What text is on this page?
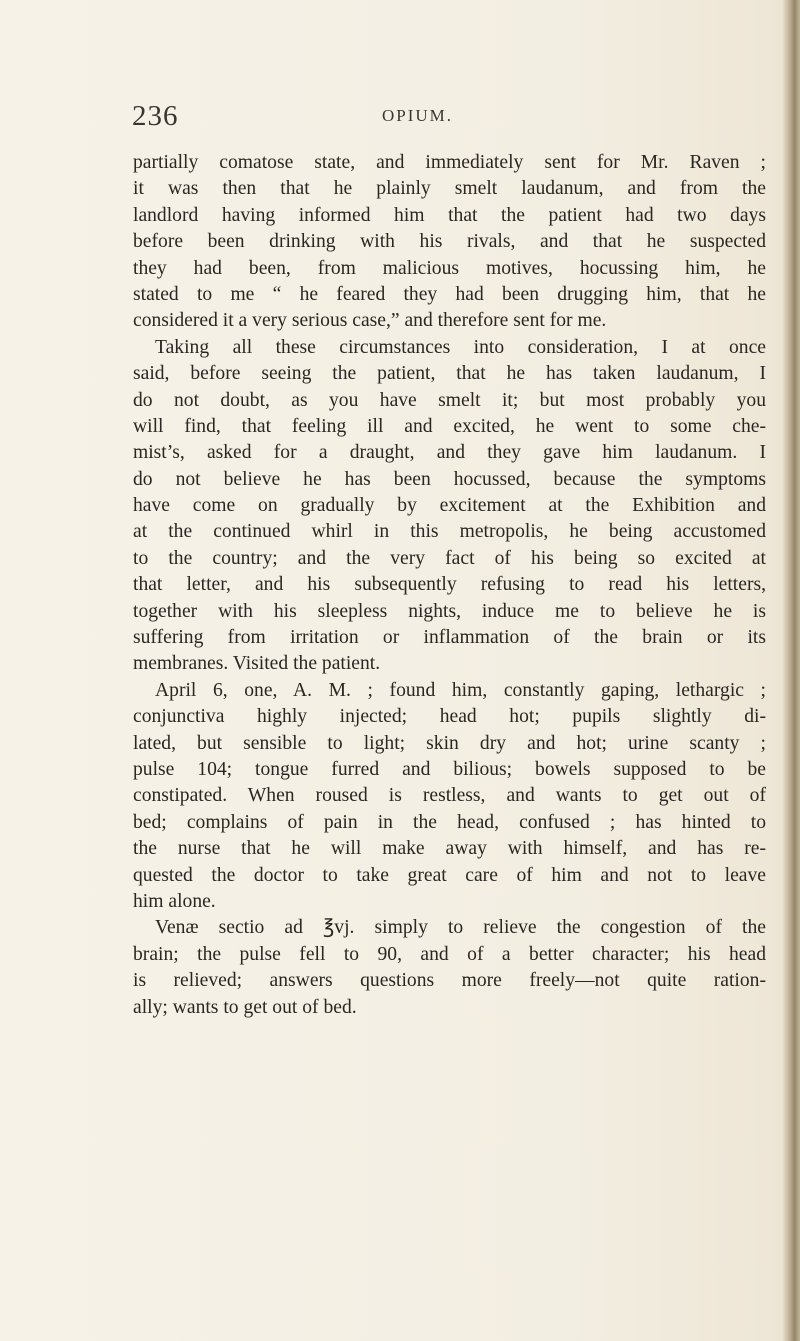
236	OPIUM.
partially comatose state, and immediately sent for Mr. Raven ;
it was then that he plainly smelt laudanum, and from the
landlord having informed him that the patient had two days
before been drinking with his rivals, and that he suspected
they had been, from malicious motives, hocussing him, he
stated to me “ he feared they had been drugging him, that he
considered it a very serious case,” and therefore sent for me.
Taking all these circumstances into consideration, I at once
said, before seeing the patient, that he has taken laudanum, I
do not doubt, as you have smelt it; but most probably you
will find, that feeling ill and excited, he went to some che-
mist’s, asked for a draught, and they gave him laudanum. I
do not believe he has been hocussed, because the symptoms
have come on gradually by excitement at the Exhibition and
at the continued whirl in this metropolis, he being accustomed
to the country; and the very fact of his being so excited at
that letter, and his subsequently refusing to read his letters,
together with his sleepless nights, induce me to believe he is
suffering from irritation or inflammation of the brain or its
membranes. Visited the patient.
April 6, one, A. M. ; found him, constantly gaping, lethargic ;
conjunctiva highly injected; head hot; pupils slightly di-
lated, but sensible to light; skin dry and hot; urine scanty ;
pulse 104; tongue furred and bilious; bowels supposed to be
constipated. When roused is restless, and wants to get out of
bed; complains of pain in the head, confused ; has hinted to
the nurse that he will make away with himself, and has re-
quested the doctor to take great care of him and not to leave
him alone.
Venæ sectio ad ℥vj. simply to relieve the congestion of the
brain; the pulse fell to 90, and of a better character; his head
is relieved; answers questions more freely—not quite ration-
ally; wants to get out of bed.
